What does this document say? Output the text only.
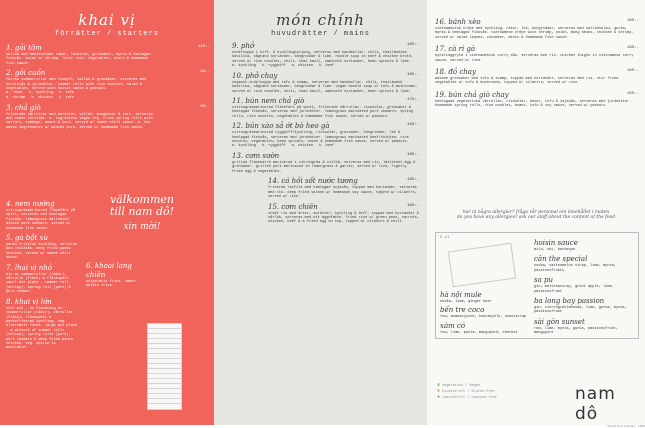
khai vị
förrätter / starters
1. gỏi tôm	129:-
sallad med handskalade räkor, lotusrot, grönsaker, mynta & hemlagad fisksås. salad w/ shrimp, lotus root, vegetables, mints & homemade fish sauce.
2. gỏi cuốn	89:-
färska sommarrullar med rismjöl, sallad & grönsaker. serveras med hoisinsås & jordnötter. summer rolls with rice noodles, salad & vegetables, served with hoisin sauce & peanuts.
a. räkor b. kyckling c. tofu
a. shrimp b. chicken c. tofu
3. chả giò	89:-
friterade vårrullar med morötter, vitlök, mungbönor & taro. serveras med sweet chilisås. a. ingrediens vegan veg. fried spring rolls with carrots, cabbage, beans & taro. served w/ sweet chili sauce. a. the above ingredients w/ minced pork. served w/ homemade fish sauce.
4. nem nướng
citrongräsmarinerad fläskfärs på spett, serveras med hemlagad fisksås. lemongrass marinated minced pork skewers, served w/ homemade fish sauce.
5. gà bột xù
panko-friterad kyckling, serveras med chilisås. deep fried panko chicken, served w/ sweet chili sauce.
7. lhai vị nhỏ
mix av sommarrullar (räkor), vårrulle (fläsk) & fläskspett. small mix plate - summer roll (shrimp), spring roll (pork) & pork skewer.
8. khai vị lớn
stor mix - en blandning av sommarrullar (räkor), vårrullar (fläsk), fläskspett & pankofriterad kyckling. veg. alternativ finns. large mix plate - a mixture of summer rolls (shrimp), spring rolls (pork), pork skewers & deep fried panko chicken. veg. option is available.
6. khoai lang chiên
sötpotatis fries. sweet potato fries.
välkommen
till nam dô!
xin mời!
món chính
huvudrätter / mains
9. phở	165:-
nudelsoppa i biff- & kycklingbuljong, serveras med handmollar, chili, thailändska basilika, sågtand koriander, böngroddar & lime. noodle soup in beef & chicken broth, served w/ rice noodles, chili, thai basil, sawtooth coriander, bean sprouts & lime.
a. kyckling b. ryggbiff a. chicken b. beef
10. phở chay	165:-
vegansk nudelsoppa med tofu & svamp, serveras med handmollar, chili, thailändsk basilika, sågtand koriander, böngroddar & lime. vegan noodle soup w/ tofu & mushrooms, served w/ rice noodles, chili, thai basil, sawtooth coriander, bean sprouts & lime.
11. bún nem chả giò	175:-
citrongräsmarinerad fläskfärs på spett, friterade vårrullar, risnudlar, grönsaker & hemlagad fisksås, serveras med jordnötter. lemongrass marinated pork skewers, spring rolls, rice noodles, vegetables & homemade fish sauce, served w/ peanuts.
12. bún xào sả ớt bò heo gà	169:-
citrongräsmarinerad ryggbiff/kyckling, risnudlar, grönsaker, böngroddar, lök & hemlagad fisksås, serveras med jordnötter. lemongrass marinated beef/chicken, rice noodles, vegetables, bean sprouts, onion & homemade fish sauce, served w/ peanuts.
a. kyckling b. ryggbiff a. chicken b. beef
13. cơm sườn	189:-
grillad fläskkarré marinerad i citrongräs & vitlök, serveras med ris, lättstekt ägg & grönsaker. grilled pork marinated in lemongrass & garlic, served w/ rice, lightly fried egg & vegetables.
14. cá hồi sốt nước tương	195:-
friterad laxfilé med hemlagad sojasås, toppad med koriander, serveras med ris. deep fried salmon w/ homemade soy sauce, topped w/ cilantro, served w/ rice.
15. cơm chiên	169:-
stekt ris med ärter, morötter, kyckling & biff, toppad med koriander & vårlök, serveras med ett äggöfatte. fried rice w/ green peas, carrots, chicken, beef & a fried egg on top, topped w/ cilantro & chili.
16. bánh xèo	165:-
vietnamesisk crêpe med kyckling, räkor, lök, böngroddar, serveras med salladsblad, gurka, mynta & hemlagad fisksås. vietnamese crêpe with shrimp, onion, mung beans, chicken & shrimp, served w/ salad leaves, cucumber, mints & homemade fish sauce.
17. cà ri gà	165:-
kycklinggryta i vietnamesisk curry sås, serveras med ris. chicken thighs in vietnamese curry sauce, served w/ rice.
18. đồ chay	165:-
wokade grönsaker med tofu & svamp, toppad med koriander, serveras med ris. stir fried vegetables w/ tofu & mushrooms, topped w/ cilantro, served w/ rice.
19. bún chả giò chay	155:-
hemlagade vegetariska vårrullar, risnudlar, bönor, tofu & sojasås, serveras med jordnötter. homemade spring rolls, rice noodles, beans, tofu & soy sauce, served w/ peanuts.
har ni några allergier? fråga vår personal om innehållet i maten
do you have any allergies? ask our staff about the content of the food
5 cl
hoisin sauce
mild, söt, barbeque
cân the special
vodka, vattenmelon sirap, lime, mynta, passionsfrukts
sa pu
gin, maltshasirap, grönt äpple, lime, passionsfrukt
ba long bay passion
gin, citrongräslemonad, lime, gurka, mynta, passionsfrukt
sài gòn sunset
rom, lime, mynta, gurka, passionsfrukt, mangopuré
hà nội mule
vodka, lime, ginger beer
bến tre coco
rom, ananasjuice, kokosmjölk, kokossirap
xàm có
rom, lime, mynta, mangopuré, sherbet
❦ Vegetarisk / Vegan
✾ Glutenfritt / Gluten-free
● Laktosfritt / Lactose-free	nam dô
Street food vietnam · 1990
